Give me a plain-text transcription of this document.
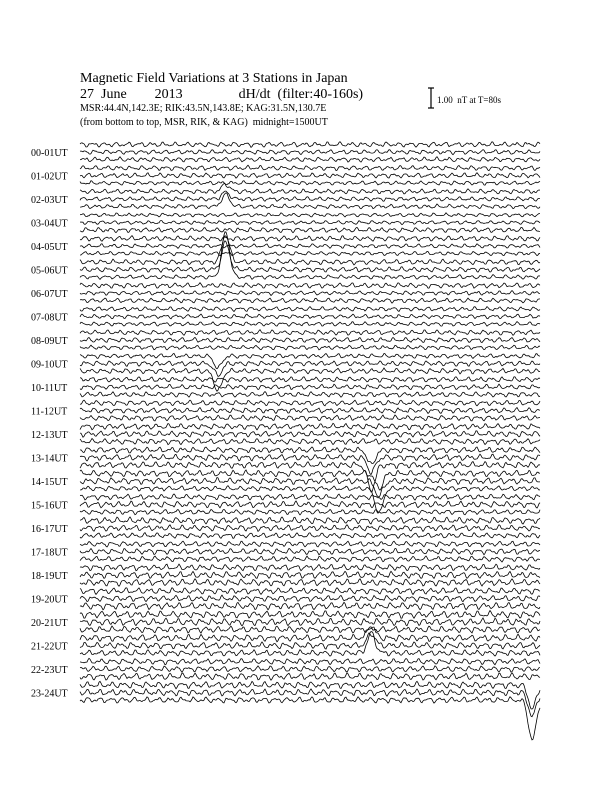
Magnetic Field Variations at 3 Stations in Japan
27  June        2013	dH/dt  (filter:40-160s)
MSR:44.4N,142.3E; RIK:43.5N,143.8E; KAG:31.5N,130.7E
(from bottom to top, MSR, RIK, & KAG)  midnight=1500UT
1.00  nT at T=80s
00-01UT
01-02UT
02-03UT
03-04UT
04-05UT
05-06UT
06-07UT
07-08UT
08-09UT
09-10UT
10-11UT
11-12UT
12-13UT
13-14UT
14-15UT
15-16UT
16-17UT
17-18UT
18-19UT
19-20UT
20-21UT
21-22UT
22-23UT
23-24UT
